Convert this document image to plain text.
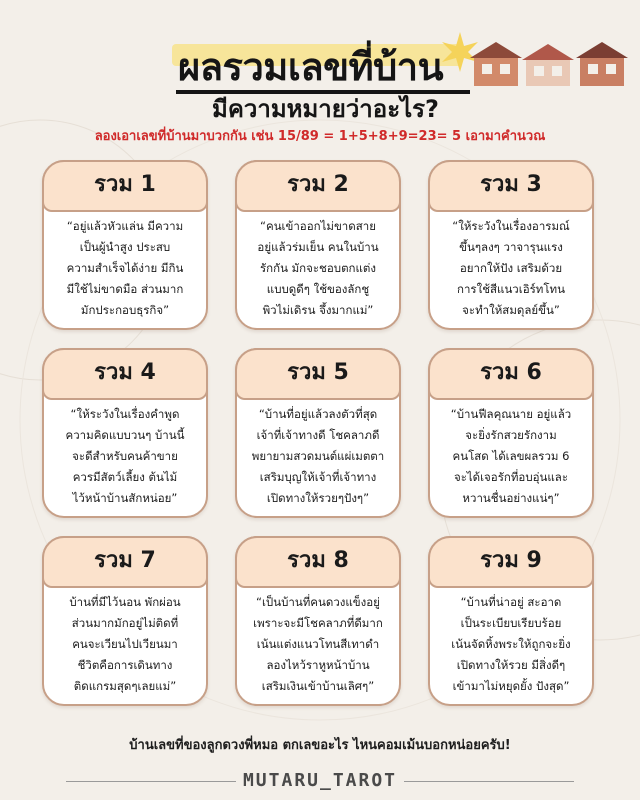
ผลรวมเลขที่บ้าน
มีความหมายว่าอะไร?
ลองเอาเลขที่บ้านมาบวกกัน เช่น 15/89 = 1+5+8+9=23= 5 เอามาคำนวณ
รวม 1
“อยู่แล้วหัวแล่น มีความ
เป็นผู้นำสูง ประสบ
ความสำเร็จได้ง่าย มีกิน
มีใช้ไม่ขาดมือ ส่วนมาก
มักประกอบธุรกิจ”
รวม 2
“คนเข้าออกไม่ขาดสาย
อยู่แล้วร่มเย็น คนในบ้าน
รักกัน มักจะชอบตกแต่ง
แบบดูดีๆ ใช้ของลักชู
พิวไม่เดิรน จึ้งมากแม่”
รวม 3
“ให้ระวังในเรื่องอารมณ์
ขึ้นๆลงๆ วาจารุนแรง
อยากให้ปัง เสริมด้วย
การใช้สีแนวเอิร์ทโทน
จะทำให้สมดุลย์ขึ้น”
รวม 4
“ให้ระวังในเรื่องคำพูด
ความคิดแบบวนๆ บ้านนี้
จะดีสำหรับคนค้าขาย
ควรมีสัตว์เลี้ยง ต้นไม้
ไว้หน้าบ้านสักหน่อย”
รวม 5
“บ้านที่อยู่แล้วลงตัวที่สุด
เจ้าที่เจ้าทางดี โชคลาภดี
พยายามสวดมนต์แผ่เมตตา
เสริมบุญให้เจ้าที่เจ้าทาง
เปิดทางให้รวยๆปังๆ”
รวม 6
“บ้านฟีลคุณนาย อยู่แล้ว
จะยิ่งรักสวยรักงาม
คนโสด ได้เลขผลรวม 6
จะได้เจอรักที่อบอุ่นและ
หวานชื่นอย่างแน่ๆ”
รวม 7
บ้านที่มีไว้นอน พักผ่อน
ส่วนมากมักอยู่ไม่ติดที่
คนจะเวียนไปเวียนมา
ชีวิตคือการเดินทาง
ติดแกรมสุดๆเลยแม่”
รวม 8
“เป็นบ้านที่คนดวงแข็งอยู่
เพราะจะมีโชคลาภที่ดีมาก
เน้นแต่งแนวโทนสีเทาดำ
ลองไหว้ราหูหน้าบ้าน
เสริมเงินเข้าบ้านเลิศๆ”
รวม 9
“บ้านที่น่าอยู่ สะอาด
เป็นระเบียบเรียบร้อย
เน้นจัดหิ้งพระให้ถูกจะยิ่ง
เปิดทางให้รวย มีสิ่งดีๆ
เข้ามาไม่หยุดยั้ง ปังสุด”
บ้านเลขที่ของลูกดวงพี่หมอ ตกเลขอะไร ไหนคอมเม้นบอกหน่อยครับ!
MUTARU_TAROT
